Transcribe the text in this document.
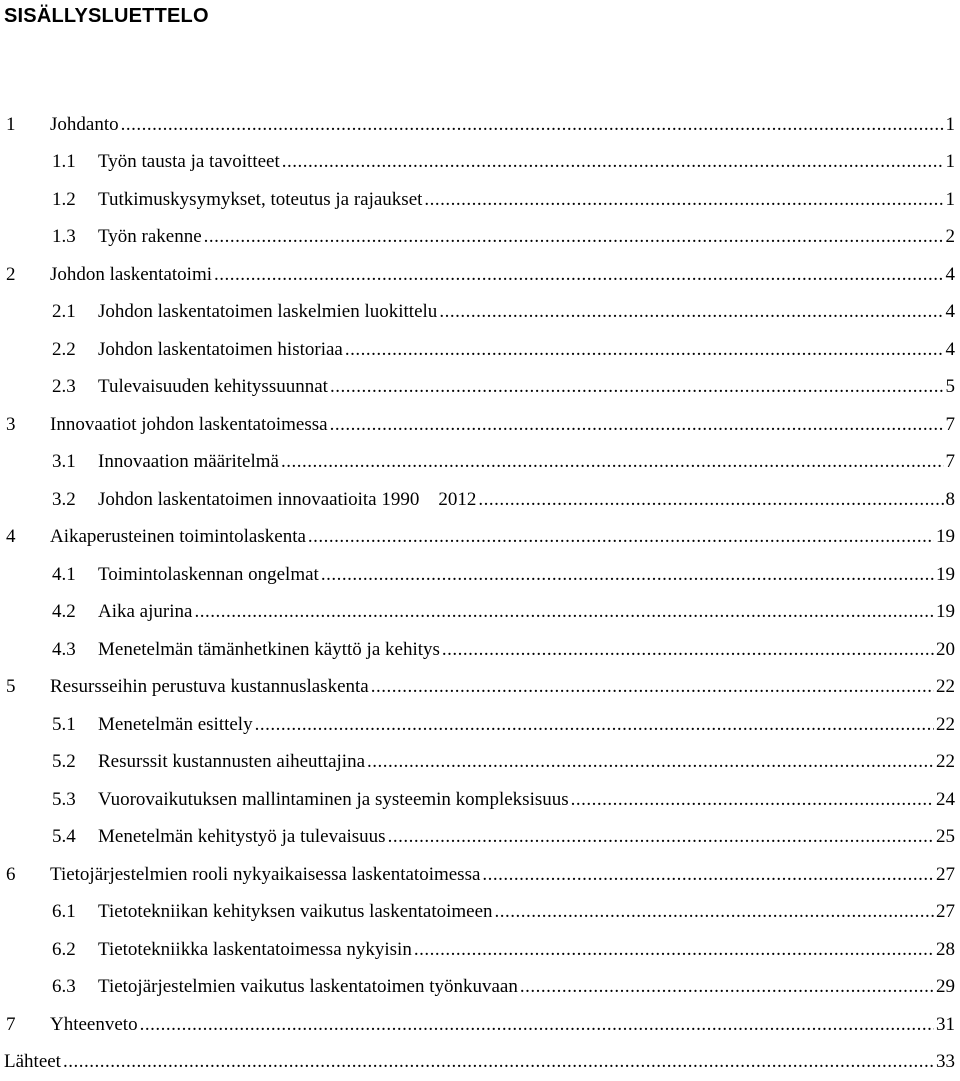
SISÄLLYSLUETTELO
1 Johdanto .....	1
1.1 Työn tausta ja tavoitteet .....	1
1.2 Tutkimuskysymykset, toteutus ja rajaukset .....	1
1.3 Työn rakenne .....	2
2 Johdon laskentatoimi .....	4
2.1 Johdon laskentatoimen laskelmien luokittelu .....	4
2.2 Johdon laskentatoimen historiaa .....	4
2.3 Tulevaisuuden kehityssuunnat .....	5
3 Innovaatiot johdon laskentatoimessa .....	7
3.1 Innovaation määritelmä .....	7
3.2 Johdon laskentatoimen innovaatioita 1990 2012 .....	8
4 Aikaperusteinen toimintolaskenta .....	19
4.1 Toimintolaskennan ongelmat .....	19
4.2 Aika ajurina .....	19
4.3 Menetelmän tämänhetkinen käyttö ja kehitys .....	20
5 Resursseihin perustuva kustannuslaskenta .....	22
5.1 Menetelmän esittely .....	22
5.2 Resurssit kustannusten aiheuttajina .....	22
5.3 Vuorovaikutuksen mallintaminen ja systeemin kompleksisuus .....	24
5.4 Menetelmän kehitystyö ja tulevaisuus .....	25
6 Tietojärjestelmien rooli nykyaikaisessa laskentatoimessa .....	27
6.1 Tietotekniikan kehityksen vaikutus laskentatoimeen .....	27
6.2 Tietotekniikka laskentatoimessa nykyisin .....	28
6.3 Tietojärjestelmien vaikutus laskentatoimen työnkuvaan .....	29
7 Yhteenveto .....	31
Lähteet .....	33
